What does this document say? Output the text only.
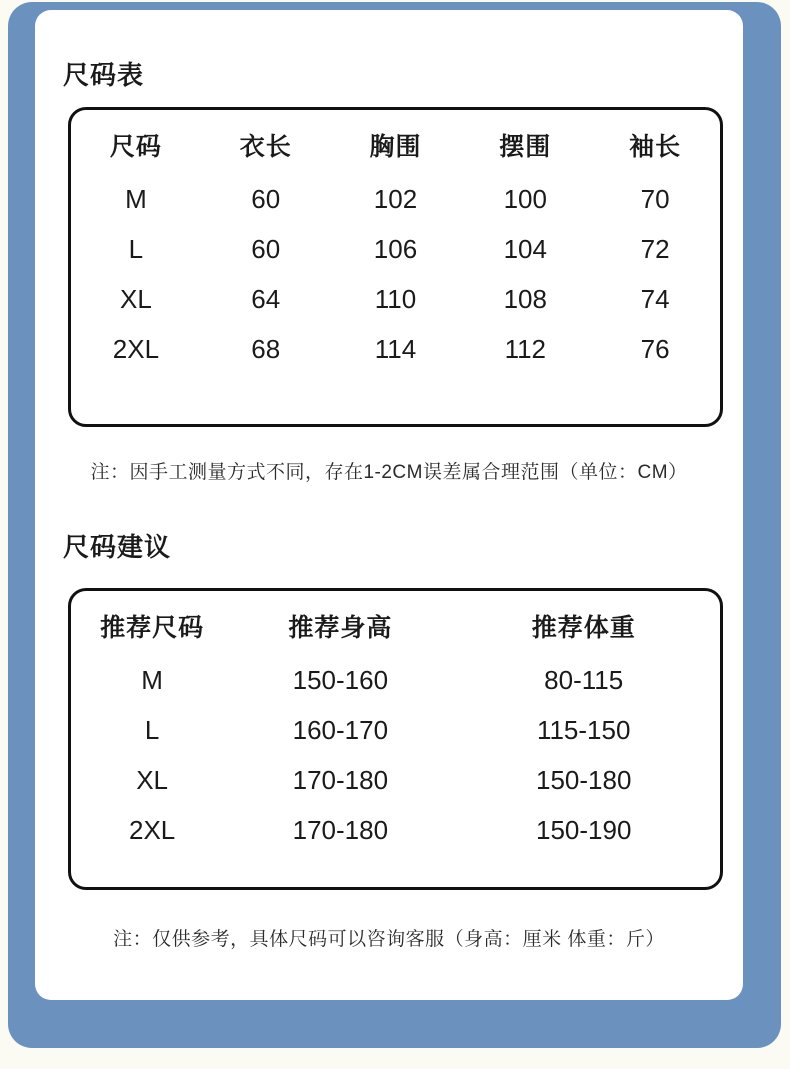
尺码表
尺码	衣长	胸围	摆围	袖长
M	60	102	100	70
L	60	106	104	72
XL	64	110	108	74
2XL	68	114	112	76

注：因手工测量方式不同，存在1-2CM误差属合理范围（单位：CM）

尺码建议
推荐尺码	推荐身高	推荐体重
M	150-160	80-115
L	160-170	115-150
XL	170-180	150-180
2XL	170-180	150-190

注：仅供参考，具体尺码可以咨询客服（身高：厘米 体重：斤）
